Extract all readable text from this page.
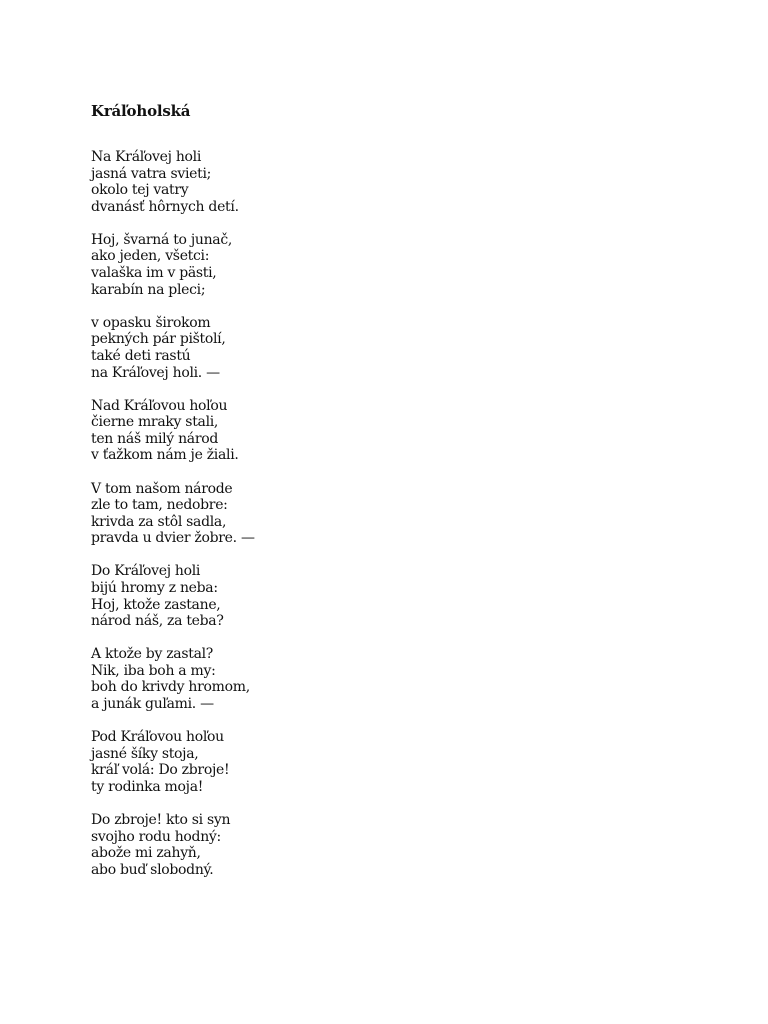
Kráľoholská
Na Kráľovej holi
jasná vatra svieti;
okolo tej vatry
dvanásť hôrnych detí.
Hoj, švarná to junač,
ako jeden, všetci:
valaška im v pästi,
karabín na pleci;
v opasku širokom
pekných pár pištolí,
také deti rastú
na Kráľovej holi. —
Nad Kráľovou hoľou
čierne mraky stali,
ten náš milý národ
v ťažkom nám je žiali.
V tom našom národe
zle to tam, nedobre:
krivda za stôl sadla,
pravda u dvier žobre. —
Do Kráľovej holi
bijú hromy z neba:
Hoj, ktože zastane,
národ náš, za teba?
A ktože by zastal?
Nik, iba boh a my:
boh do krivdy hromom,
a junák guľami. —
Pod Kráľovou hoľou
jasné šíky stoja,
kráľ volá: Do zbroje!
ty rodinka moja!
Do zbroje! kto si syn
svojho rodu hodný:
abože mi zahyň,
abo buď slobodný.
